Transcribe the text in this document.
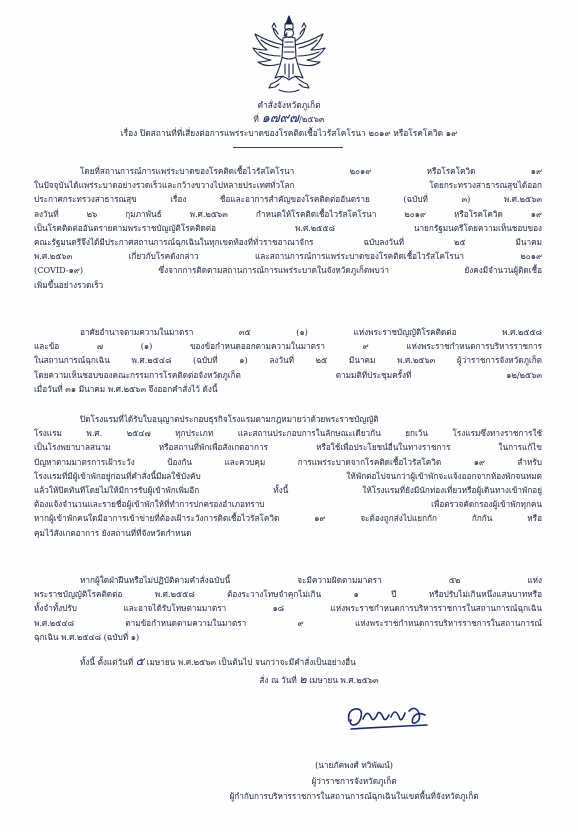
คำสั่งจังหวัดภูเก็ต
ที่ ๑๗๙๗/๒๕๖๓
เรื่อง ปิดสถานที่ที่เสี่ยงต่อการแพร่ระบาดของโรคติดเชื้อไวรัสโคโรนา ๒๐๑๙ หรือโรคโควิด ๑๙
โดยที่สถานการณ์การแพร่ระบาดของโรคติดเชื้อไวรัสโคโรนา ๒๐๑๙ หรือโรคโควิด ๑๙
ในปัจจุบันได้แพร่ระบาดอย่างรวดเร็วและกว้างขวางไปหลายประเทศทั่วโลก โดยกระทรวงสาธารณสุขได้ออก
ประกาศกระทรวงสาธารณสุข เรื่อง ชื่อและอาการสำคัญของโรคติดต่ออันตราย (ฉบับที่ ๓) พ.ศ.๒๕๖๓
ลงวันที่ ๒๖ กุมภาพันธ์ พ.ศ.๒๕๖๓ กำหนดให้โรคติดเชื้อไวรัสโคโรนา ๒๐๑๙ หรือโรคโควิด ๑๙
เป็นโรคติดต่ออันตรายตามพระราชบัญญัติโรคติดต่อ พ.ศ.๒๕๕๘ นายกรัฐมนตรีโดยความเห็นชอบของ
คณะรัฐมนตรีจึงได้มีประกาศสถานการณ์ฉุกเฉินในทุกเขตท้องที่ทั่วราชอาณาจักร ฉบับลงวันที่ ๒๕ มีนาคม
พ.ศ.๒๕๖๓ เกี่ยวกับโรคดังกล่าว และสถานการณ์การแพร่ระบาดของโรคติดเชื้อไวรัสโคโรนา ๒๐๑๙
(COVID-๑๙) ซึ่งจากการติดตามสถานการณ์การแพร่ระบาดในจังหวัดภูเก็ตพบว่า ยังคงมีจำนวนผู้ติดเชื้อ
เพิ่มขึ้นอย่างรวดเร็ว
อาศัยอำนาจตามความในมาตรา ๓๕ (๑) แห่งพระราชบัญญัติโรคติดต่อ พ.ศ.๒๕๕๘
และข้อ ๗ (๑) ของข้อกำหนดออกตามความในมาตรา ๙ แห่งพระราชกำหนดการบริหารราชการ
ในสถานการณ์ฉุกเฉิน พ.ศ.๒๕๔๘ (ฉบับที่ ๑) ลงวันที่ ๒๕ มีนาคม พ.ศ.๒๕๖๓ ผู้ว่าราชการจังหวัดภูเก็ต
โดยความเห็นชอบของคณะกรรมการโรคติดต่อจังหวัดภูเก็ต ตามมติที่ประชุมครั้งที่ ๑๒/๒๕๖๓
เมื่อวันที่ ๓๑ มีนาคม พ.ศ.๒๕๖๓ จึงออกคำสั่งไว้ ดังนี้
ปิดโรงแรมที่ได้รับใบอนุญาตประกอบธุรกิจโรงแรมตามกฎหมายว่าด้วยพระราชบัญญัติ
โรงแรม พ.ศ. ๒๕๔๗ ทุกประเภท และสถานประกอบการในลักษณะเดียวกัน ยกเว้น โรงแรมซึ่งทางราชการใช้
เป็นโรงพยาบาลสนาม หรือสถานที่พักเพื่อสังเกตอาการ หรือใช้เพื่อประโยชน์อื่นในทางราชการ ในการแก้ไข
ปัญหาตามมาตรการเฝ้าระวัง ป้องกัน และควบคุม การแพร่ระบาดจากโรคติดเชื้อไวรัสโควิด ๑๙ สำหรับ
โรงแรมที่มีผู้เข้าพักอยู่ก่อนที่คำสั่งนี้มีผลใช้บังคับ ให้พักต่อไปจนกว่าผู้เข้าพักจะแจ้งออกจากห้องพักจนหมด
แล้วให้ปิดทันทีโดยไม่ให้มีการรับผู้เข้าพักเพิ่มอีก ทั้งนี้ ให้โรงแรมที่ยังมีนักท่องเที่ยวหรือผู้เดินทางเข้าพักอยู่
ต้องแจ้งจำนวนและรายชื่อผู้เข้าพักให้ที่ทำการปกครองอำเภอทราบ เพื่อตรวจคัดกรองผู้เข้าพักทุกคน
หากผู้เข้าพักคนใดมีอาการเข้าข่ายที่ต้องเฝ้าระวังการติดเชื้อไวรัสโควิด ๑๙ จะต้องถูกส่งไปแยกกัก กักกัน หรือ
คุมไว้สังเกตอาการ ยังสถานที่ที่จังหวัดกำหนด
หากผู้ใดฝ่าฝืนหรือไม่ปฏิบัติตามคำสั่งฉบับนี้ จะมีความผิดตามมาตรา ๕๒ แห่ง
พระราชบัญญัติโรคติดต่อ พ.ศ.๒๕๕๘ ต้องระวางโทษจำคุกไม่เกิน ๑ ปี หรือปรับไม่เกินหนึ่งแสนบาทหรือ
ทั้งจำทั้งปรับ และอาจได้รับโทษตามมาตรา ๑๘ แห่งพระราชกำหนดการบริหารราชการในสถานการณ์ฉุกเฉิน
พ.ศ.๒๕๔๘ ตามข้อกำหนดตามความในมาตรา ๙ แห่งพระราชกำหนดการบริหารราชการในสถานการณ์
ฉุกเฉิน พ.ศ.๒๕๔๘ (ฉบับที่ ๑)
ทั้งนี้ ตั้งแต่วันที่ ๕ เมษายน พ.ศ.๒๕๖๓ เป็นต้นไป จนกว่าจะมีคำสั่งเป็นอย่างอื่น
สั่ง ณ วันที่ ๒ เมษายน พ.ศ.๒๕๖๓
(นายภัคพงศ์ ทวิพัฒน์)
ผู้ว่าราชการจังหวัดภูเก็ต
ผู้กำกับการบริหารราชการในสถานการณ์ฉุกเฉินในเขตพื้นที่จังหวัดภูเก็ต
